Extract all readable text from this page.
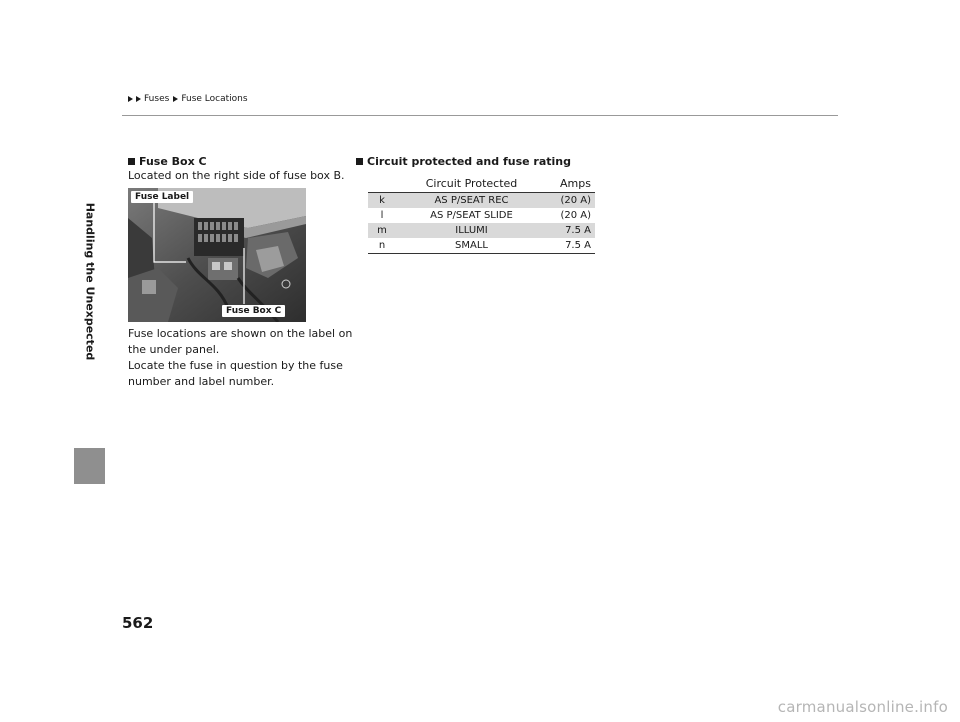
Fuses Fuse Locations
Handling the Unexpected
Fuse Box C
Located on the right side of fuse box B.
Fuse Label
Fuse Box C
Fuse locations are shown on the label on
the under panel.
Locate the fuse in question by the fuse
number and label number.
Circuit protected and fuse rating
	Circuit Protected	Amps
k	AS P/SEAT REC	(20 A)
l	AS P/SEAT SLIDE	(20 A)
m	ILLUMI	7.5 A
n	SMALL	7.5 A
562
carmanualsonline.info
